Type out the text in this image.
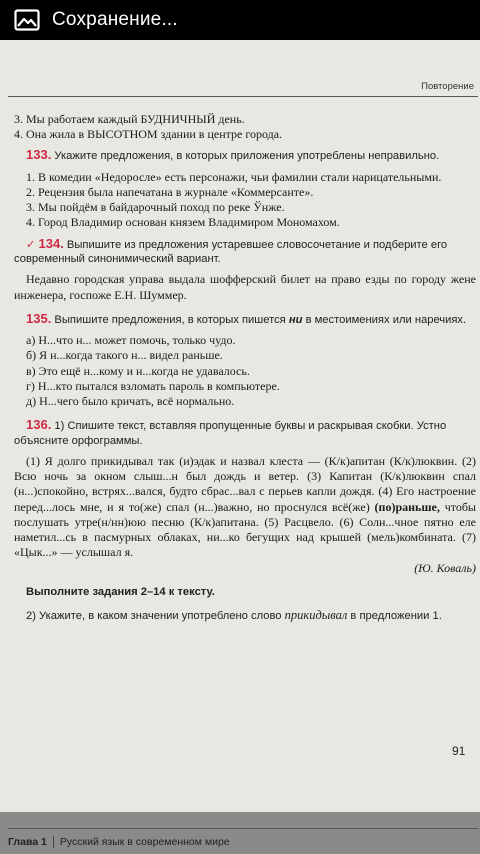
Сохранение...
Повторение

3. Мы работаем каждый БУДНИЧНЫЙ день.

4. Она жила в ВЫСОТНОМ здании в центре города.

133. Укажите предложения, в которых приложения употреблены неправильно.

1. В комедии «Недоросле» есть персонажи, чьи фамилии стали нарицательными.

2. Рецензия была напечатана в журнале «Коммерсанте».

3. Мы пойдём в байдарочный поход по реке Ўнже.

4. Город Владимир основан князем Владимиром Мономахом.

✓ 134. Выпишите из предложения устаревшее словосочетание и подберите его современный синонимический вариант.

Недавно городская управа выдала шофферский билет на право езды по городу жене инженера, госпоже Е.Н. Шуммер.

135. Выпишите предложения, в которых пишется ни в местоимениях или наречиях.

а) Н...что н... может помочь, только чудо.

б) Я н...когда такого н... видел раньше.

в) Это ещё н...кому и н...когда не удавалось.

г) Н...кто пытался взломать пароль в компьютере.

д) Н...чего было кричать, всё нормально.

136. 1) Спишите текст, вставляя пропущенные буквы и раскрывая скобки. Устно объясните орфограммы.

(1) Я долго прикидывал так (и)эдак и назвал клеста — (К/к)апитан (К/к)люквин. (2) Всю ночь за окном слыш...н был дождь и ветер. (3) Капитан (К/к)люквин спал (н...)спокойно, встрях...вался, будто сбрас...вал с перьев капли дождя. (4) Его настроение перед...лось мне, и я то(же) спал (н...)важно, но проснулся всё(же) (по)раньше, чтобы послушать утре(н/нн)юю песню (К/к)апитана. (5) Расцвело. (6) Солн...чное пятно еле наметил...сь в пасмурных облаках, ни...ко бегущих над крышей (мель)комбината. (7) «Цык...» — услышал я.

(Ю. Коваль)

Выполните задания 2–14 к тексту.

2) Укажите, в каком значении употреблено слово прикидывал в предложении 1.

91
Глава 1 Русский язык в современном мире
